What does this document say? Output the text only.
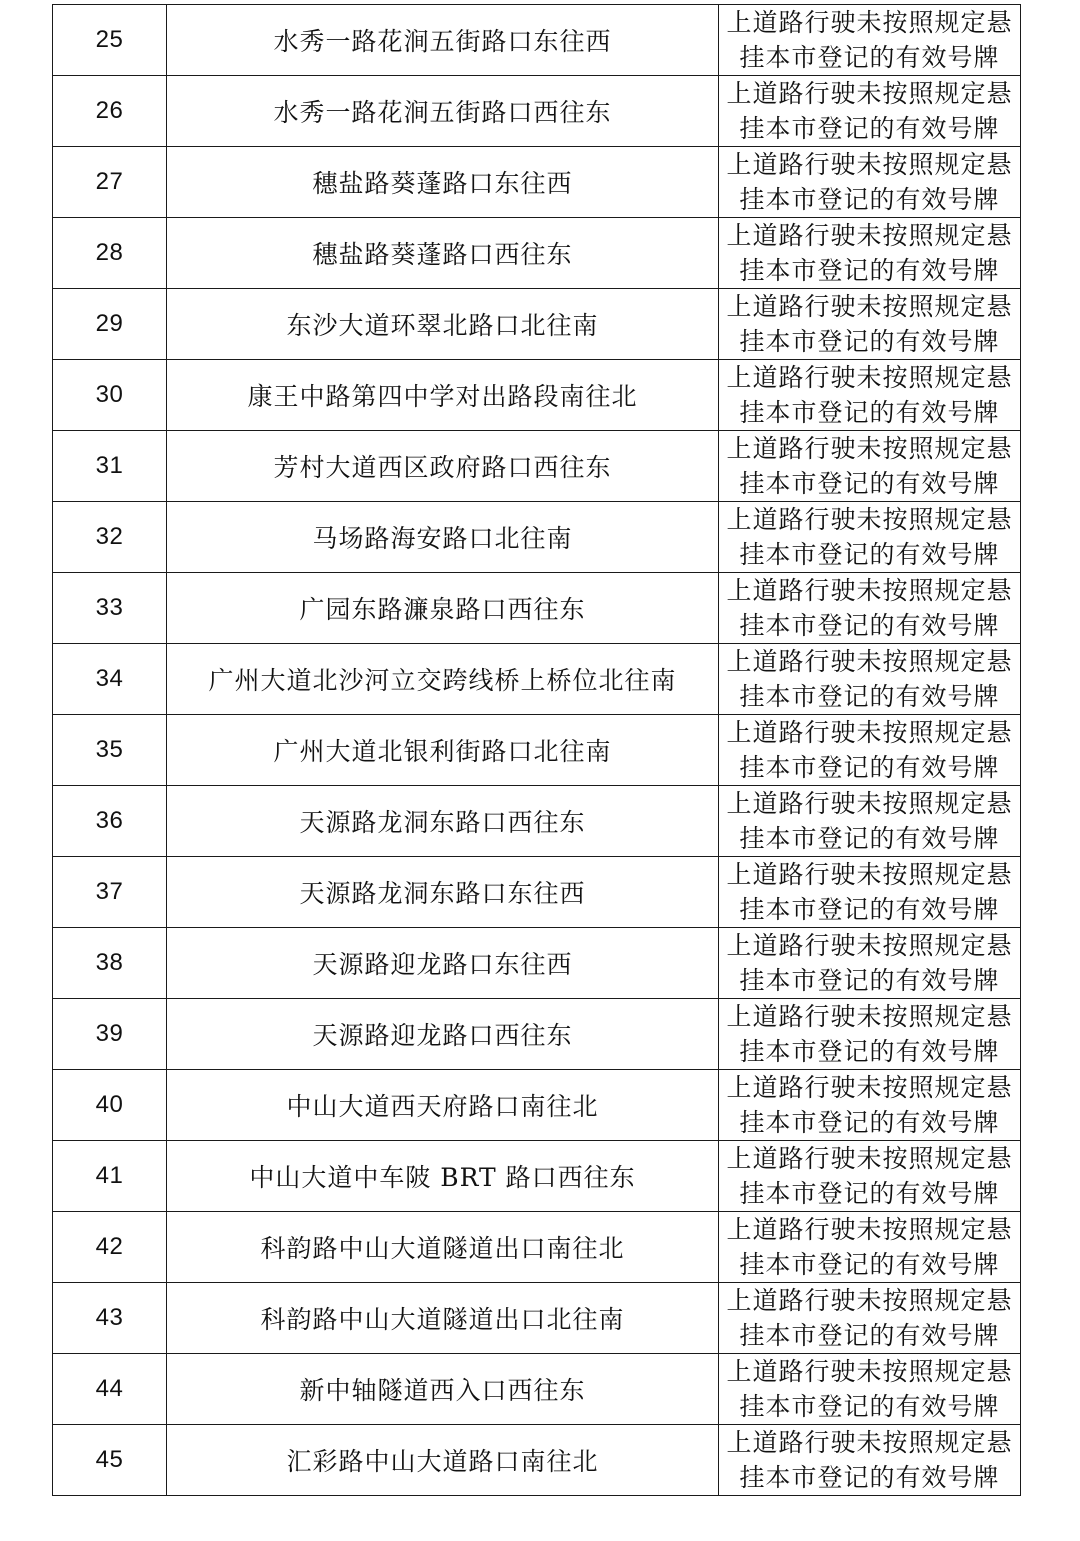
25	水秀一路花涧五街路口东往西	上道路行驶未按照规定悬
挂本市登记的有效号牌

26	水秀一路花涧五街路口西往东	上道路行驶未按照规定悬
挂本市登记的有效号牌

27	穗盐路葵蓬路口东往西	上道路行驶未按照规定悬
挂本市登记的有效号牌

28	穗盐路葵蓬路口西往东	上道路行驶未按照规定悬
挂本市登记的有效号牌

29	东沙大道环翠北路口北往南	上道路行驶未按照规定悬
挂本市登记的有效号牌

30	康王中路第四中学对出路段南往北	上道路行驶未按照规定悬
挂本市登记的有效号牌

31	芳村大道西区政府路口西往东	上道路行驶未按照规定悬
挂本市登记的有效号牌

32	马场路海安路口北往南	上道路行驶未按照规定悬
挂本市登记的有效号牌

33	广园东路濂泉路口西往东	上道路行驶未按照规定悬
挂本市登记的有效号牌

34	广州大道北沙河立交跨线桥上桥位北往南	上道路行驶未按照规定悬
挂本市登记的有效号牌

35	广州大道北银利街路口北往南	上道路行驶未按照规定悬
挂本市登记的有效号牌

36	天源路龙洞东路口西往东	上道路行驶未按照规定悬
挂本市登记的有效号牌

37	天源路龙洞东路口东往西	上道路行驶未按照规定悬
挂本市登记的有效号牌

38	天源路迎龙路口东往西	上道路行驶未按照规定悬
挂本市登记的有效号牌

39	天源路迎龙路口西往东	上道路行驶未按照规定悬
挂本市登记的有效号牌

40	中山大道西天府路口南往北	上道路行驶未按照规定悬
挂本市登记的有效号牌

41	中山大道中车陂 BRT 路口西往东	上道路行驶未按照规定悬
挂本市登记的有效号牌

42	科韵路中山大道隧道出口南往北	上道路行驶未按照规定悬
挂本市登记的有效号牌

43	科韵路中山大道隧道出口北往南	上道路行驶未按照规定悬
挂本市登记的有效号牌

44	新中轴隧道西入口西往东	上道路行驶未按照规定悬
挂本市登记的有效号牌

45	汇彩路中山大道路口南往北	上道路行驶未按照规定悬
挂本市登记的有效号牌
